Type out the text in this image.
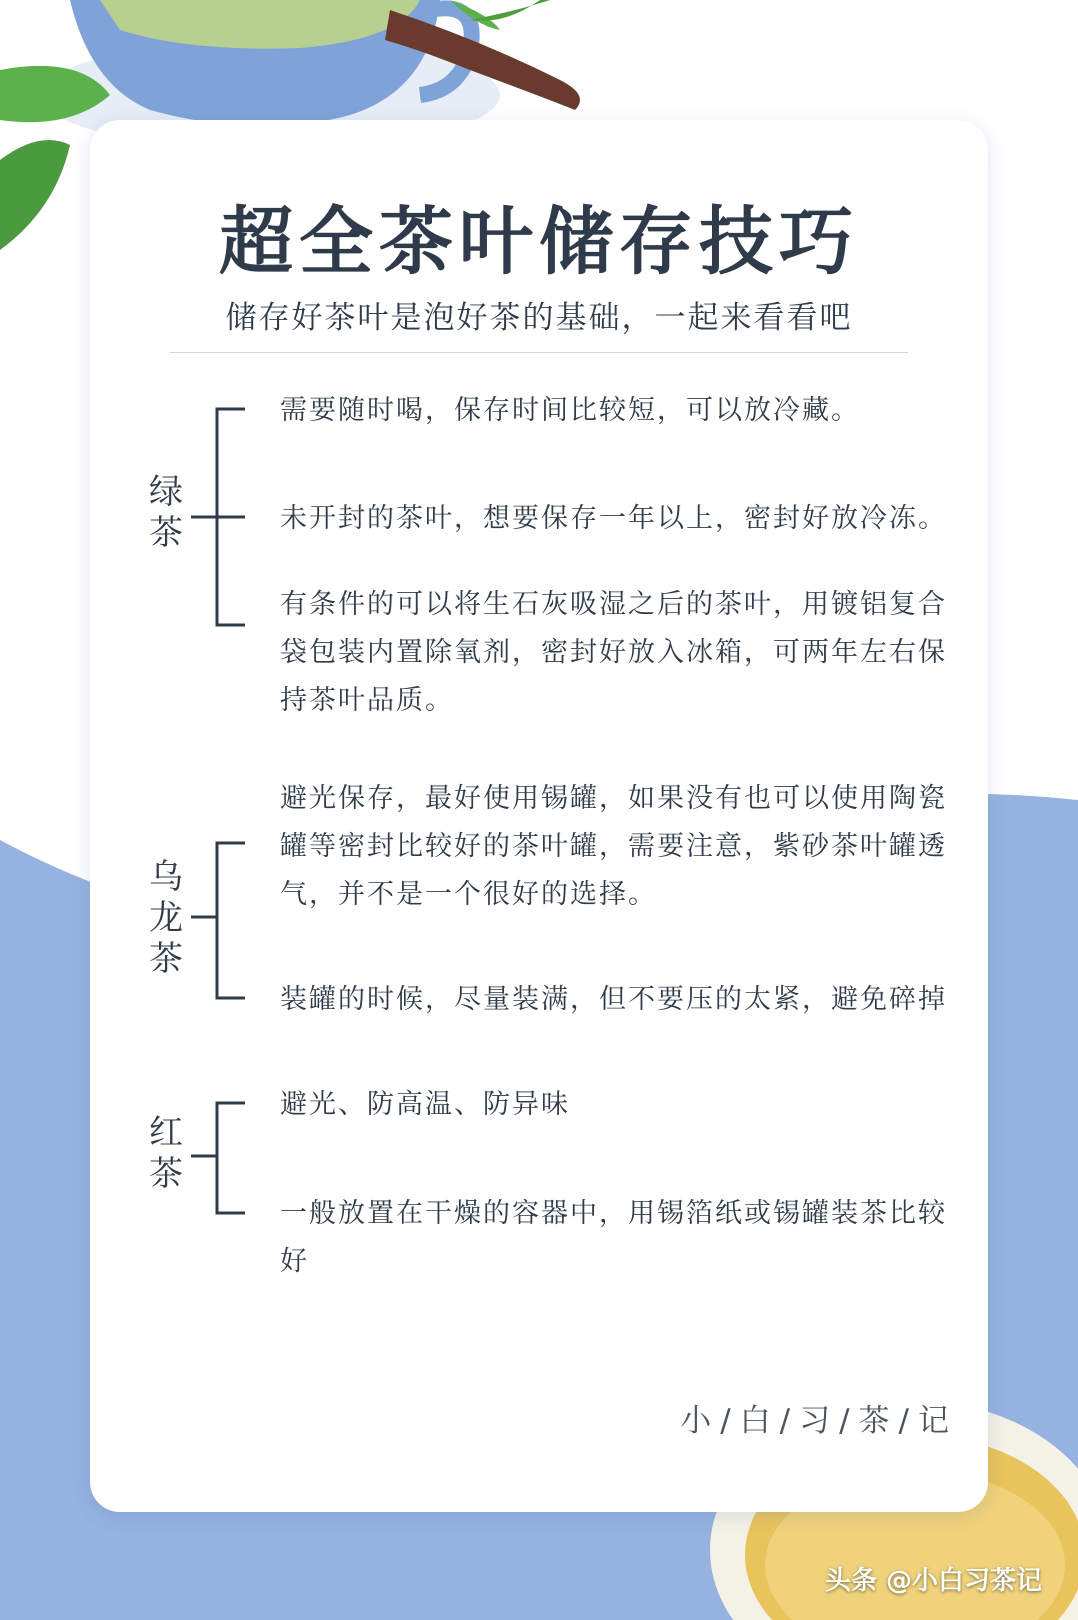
超全茶叶储存技巧
储存好茶叶是泡好茶的基础，一起来看看吧
绿茶
乌龙茶
红茶
需要随时喝，保存时间比较短，可以放冷藏。
未开封的茶叶，想要保存一年以上，密封好放冷冻。
有条件的可以将生石灰吸湿之后的茶叶，用镀铝复合袋包装内置除氧剂，密封好放入冰箱，可两年左右保持茶叶品质。
避光保存，最好使用锡罐，如果没有也可以使用陶瓷罐等密封比较好的茶叶罐，需要注意，紫砂茶叶罐透气，并不是一个很好的选择。
装罐的时候，尽量装满，但不要压的太紧，避免碎掉
避光、防高温、防异味
一般放置在干燥的容器中，用锡箔纸或锡罐装茶比较好
小/白/习/茶/记
头条 @小白习茶记
